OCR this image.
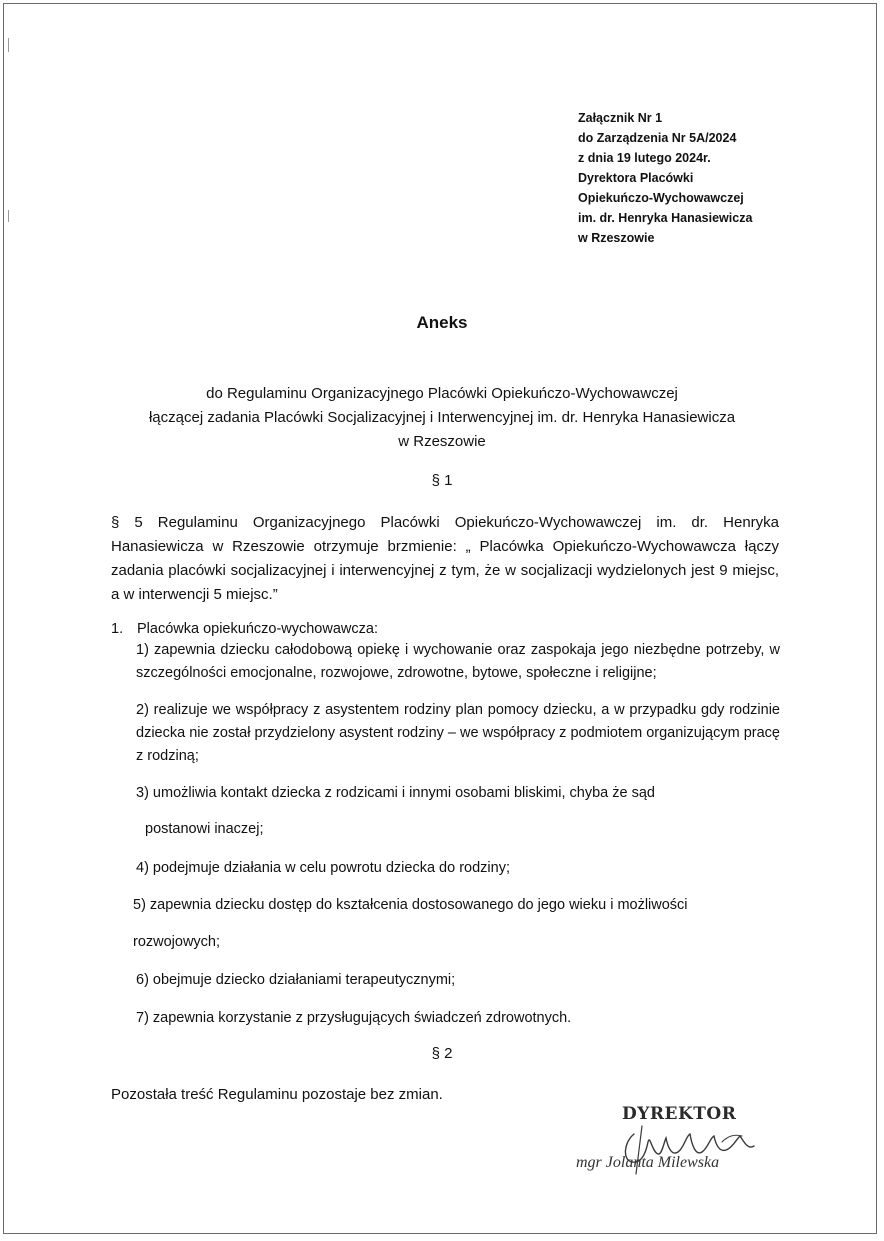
Załącznik Nr 1
do Zarządzenia Nr 5A/2024
z dnia 19 lutego 2024r.
Dyrektora Placówki
Opiekuńczo-Wychowawczej
im. dr. Henryka Hanasiewicza
w Rzeszowie
Aneks
do Regulaminu Organizacyjnego Placówki Opiekuńczo-Wychowawczej
łączącej zadania Placówki Socjalizacyjnej i Interwencyjnej im. dr. Henryka Hanasiewicza
w Rzeszowie
§ 1
§ 5 Regulaminu Organizacyjnego Placówki Opiekuńczo-Wychowawczej im. dr. Henryka Hanasiewicza w Rzeszowie otrzymuje brzmienie: „ Placówka Opiekuńczo-Wychowawcza łączy zadania placówki socjalizacyjnej i interwencyjnej z tym, że w socjalizacji wydzielonych jest 9 miejsc, a w interwencji 5 miejsc.”
1. Placówka opiekuńczo-wychowawcza:
1) zapewnia dziecku całodobową opiekę i wychowanie oraz zaspokaja jego niezbędne potrzeby, w szczególności emocjonalne, rozwojowe, zdrowotne, bytowe, społeczne i religijne;
2) realizuje we współpracy z asystentem rodziny plan pomocy dziecku, a w przypadku gdy rodzinie dziecka nie został przydzielony asystent rodziny – we współpracy z podmiotem organizującym pracę z rodziną;
3) umożliwia kontakt dziecka z rodzicami i innymi osobami bliskimi, chyba że sąd
postanowi inaczej;
4) podejmuje działania w celu powrotu dziecka do rodziny;
5) zapewnia dziecku dostęp do kształcenia dostosowanego do jego wieku i możliwości
rozwojowych;
6) obejmuje dziecko działaniami terapeutycznymi;
7) zapewnia korzystanie z przysługujących świadczeń zdrowotnych.
§ 2
Pozostała treść Regulaminu pozostaje bez zmian.
DYREKTOR
mgr Jolanta Milewska
